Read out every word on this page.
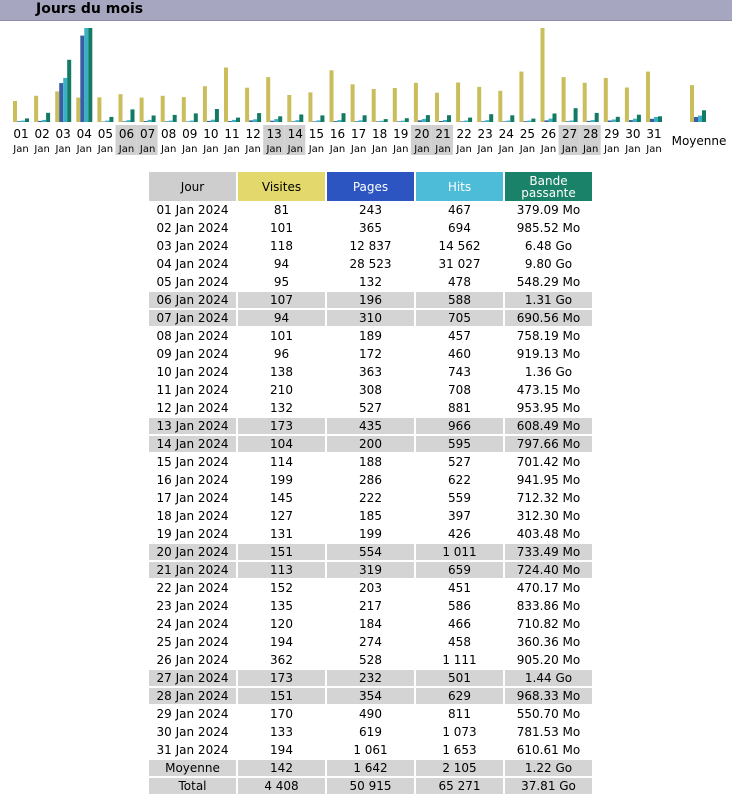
Jours du mois
01
Jan
02
Jan
03
Jan
04
Jan
05
Jan
06
Jan
07
Jan
08
Jan
09
Jan
10
Jan
11
Jan
12
Jan
13
Jan
14
Jan
15
Jan
16
Jan
17
Jan
18
Jan
19
Jan
20
Jan
21
Jan
22
Jan
23
Jan
24
Jan
25
Jan
26
Jan
27
Jan
28
Jan
29
Jan
30
Jan
31
Jan
Moyenne
Jour	Visites	Pages	Hits	Bande
passante
01 Jan 2024	81	243	467	379.09 Mo
02 Jan 2024	101	365	694	985.52 Mo
03 Jan 2024	118	12 837	14 562	6.48 Go
04 Jan 2024	94	28 523	31 027	9.80 Go
05 Jan 2024	95	132	478	548.29 Mo
06 Jan 2024	107	196	588	1.31 Go
07 Jan 2024	94	310	705	690.56 Mo
08 Jan 2024	101	189	457	758.19 Mo
09 Jan 2024	96	172	460	919.13 Mo
10 Jan 2024	138	363	743	1.36 Go
11 Jan 2024	210	308	708	473.15 Mo
12 Jan 2024	132	527	881	953.95 Mo
13 Jan 2024	173	435	966	608.49 Mo
14 Jan 2024	104	200	595	797.66 Mo
15 Jan 2024	114	188	527	701.42 Mo
16 Jan 2024	199	286	622	941.95 Mo
17 Jan 2024	145	222	559	712.32 Mo
18 Jan 2024	127	185	397	312.30 Mo
19 Jan 2024	131	199	426	403.48 Mo
20 Jan 2024	151	554	1 011	733.49 Mo
21 Jan 2024	113	319	659	724.40 Mo
22 Jan 2024	152	203	451	470.17 Mo
23 Jan 2024	135	217	586	833.86 Mo
24 Jan 2024	120	184	466	710.82 Mo
25 Jan 2024	194	274	458	360.36 Mo
26 Jan 2024	362	528	1 111	905.20 Mo
27 Jan 2024	173	232	501	1.44 Go
28 Jan 2024	151	354	629	968.33 Mo
29 Jan 2024	170	490	811	550.70 Mo
30 Jan 2024	133	619	1 073	781.53 Mo
31 Jan 2024	194	1 061	1 653	610.61 Mo
Moyenne	142	1 642	2 105	1.22 Go
Total	4 408	50 915	65 271	37.81 Go
